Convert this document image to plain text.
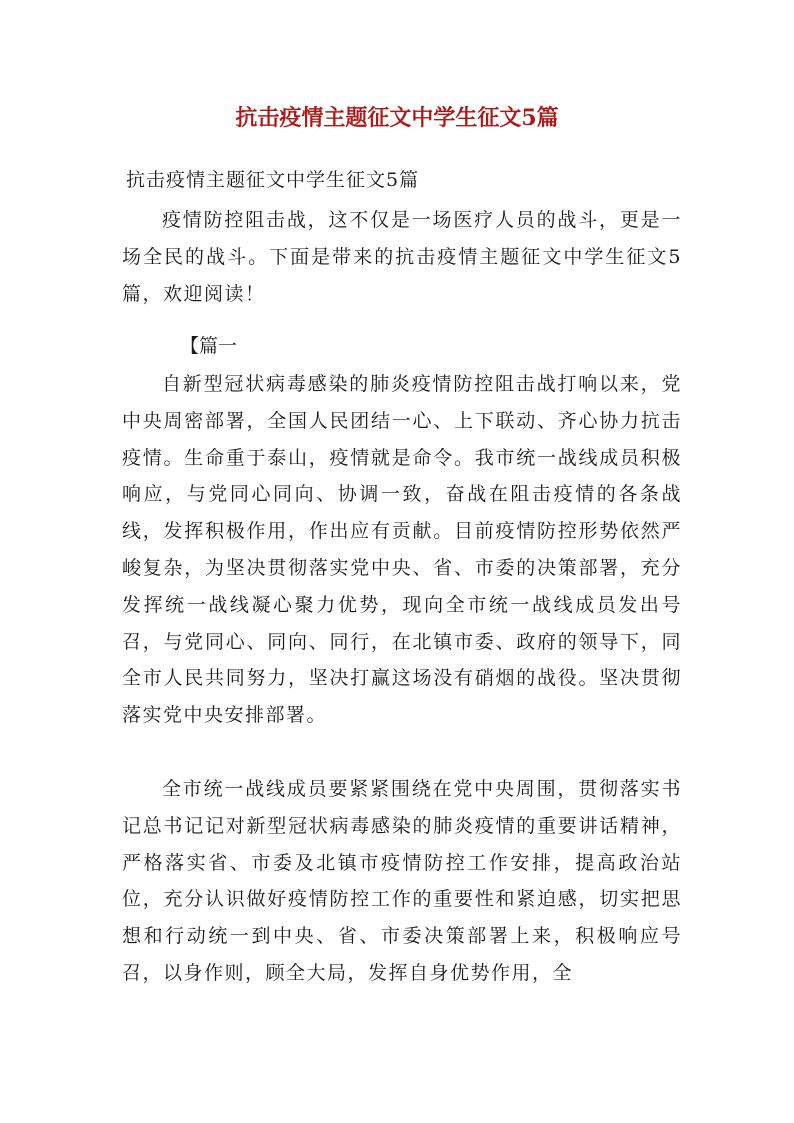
抗击疫情主题征文中学生征文5篇
抗击疫情主题征文中学生征文5篇

疫情防控阻击战，这不仅是一场医疗人员的战斗，更是一场全民的战斗。下面是带来的抗击疫情主题征文中学生征文5篇，欢迎阅读！

【篇一

自新型冠状病毒感染的肺炎疫情防控阻击战打响以来，党中央周密部署，全国人民团结一心、上下联动、齐心协力抗击疫情。生命重于泰山，疫情就是命令。我市统一战线成员积极响应，与党同心同向、协调一致，奋战在阻击疫情的各条战线，发挥积极作用，作出应有贡献。目前疫情防控形势依然严峻复杂，为坚决贯彻落实党中央、省、市委的决策部署，充分发挥统一战线凝心聚力优势，现向全市统一战线成员发出号召，与党同心、同向、同行，在北镇市委、政府的领导下，同全市人民共同努力，坚决打赢这场没有硝烟的战役。坚决贯彻落实党中央安排部署。

全市统一战线成员要紧紧围绕在党中央周围，贯彻落实书记总书记记对新型冠状病毒感染的肺炎疫情的重要讲话精神，严格落实省、市委及北镇市疫情防控工作安排，提高政治站位，充分认识做好疫情防控工作的重要性和紧迫感，切实把思想和行动统一到中央、省、市委决策部署上来，积极响应号召，以身作则，顾全大局，发挥自身优势作用，全
